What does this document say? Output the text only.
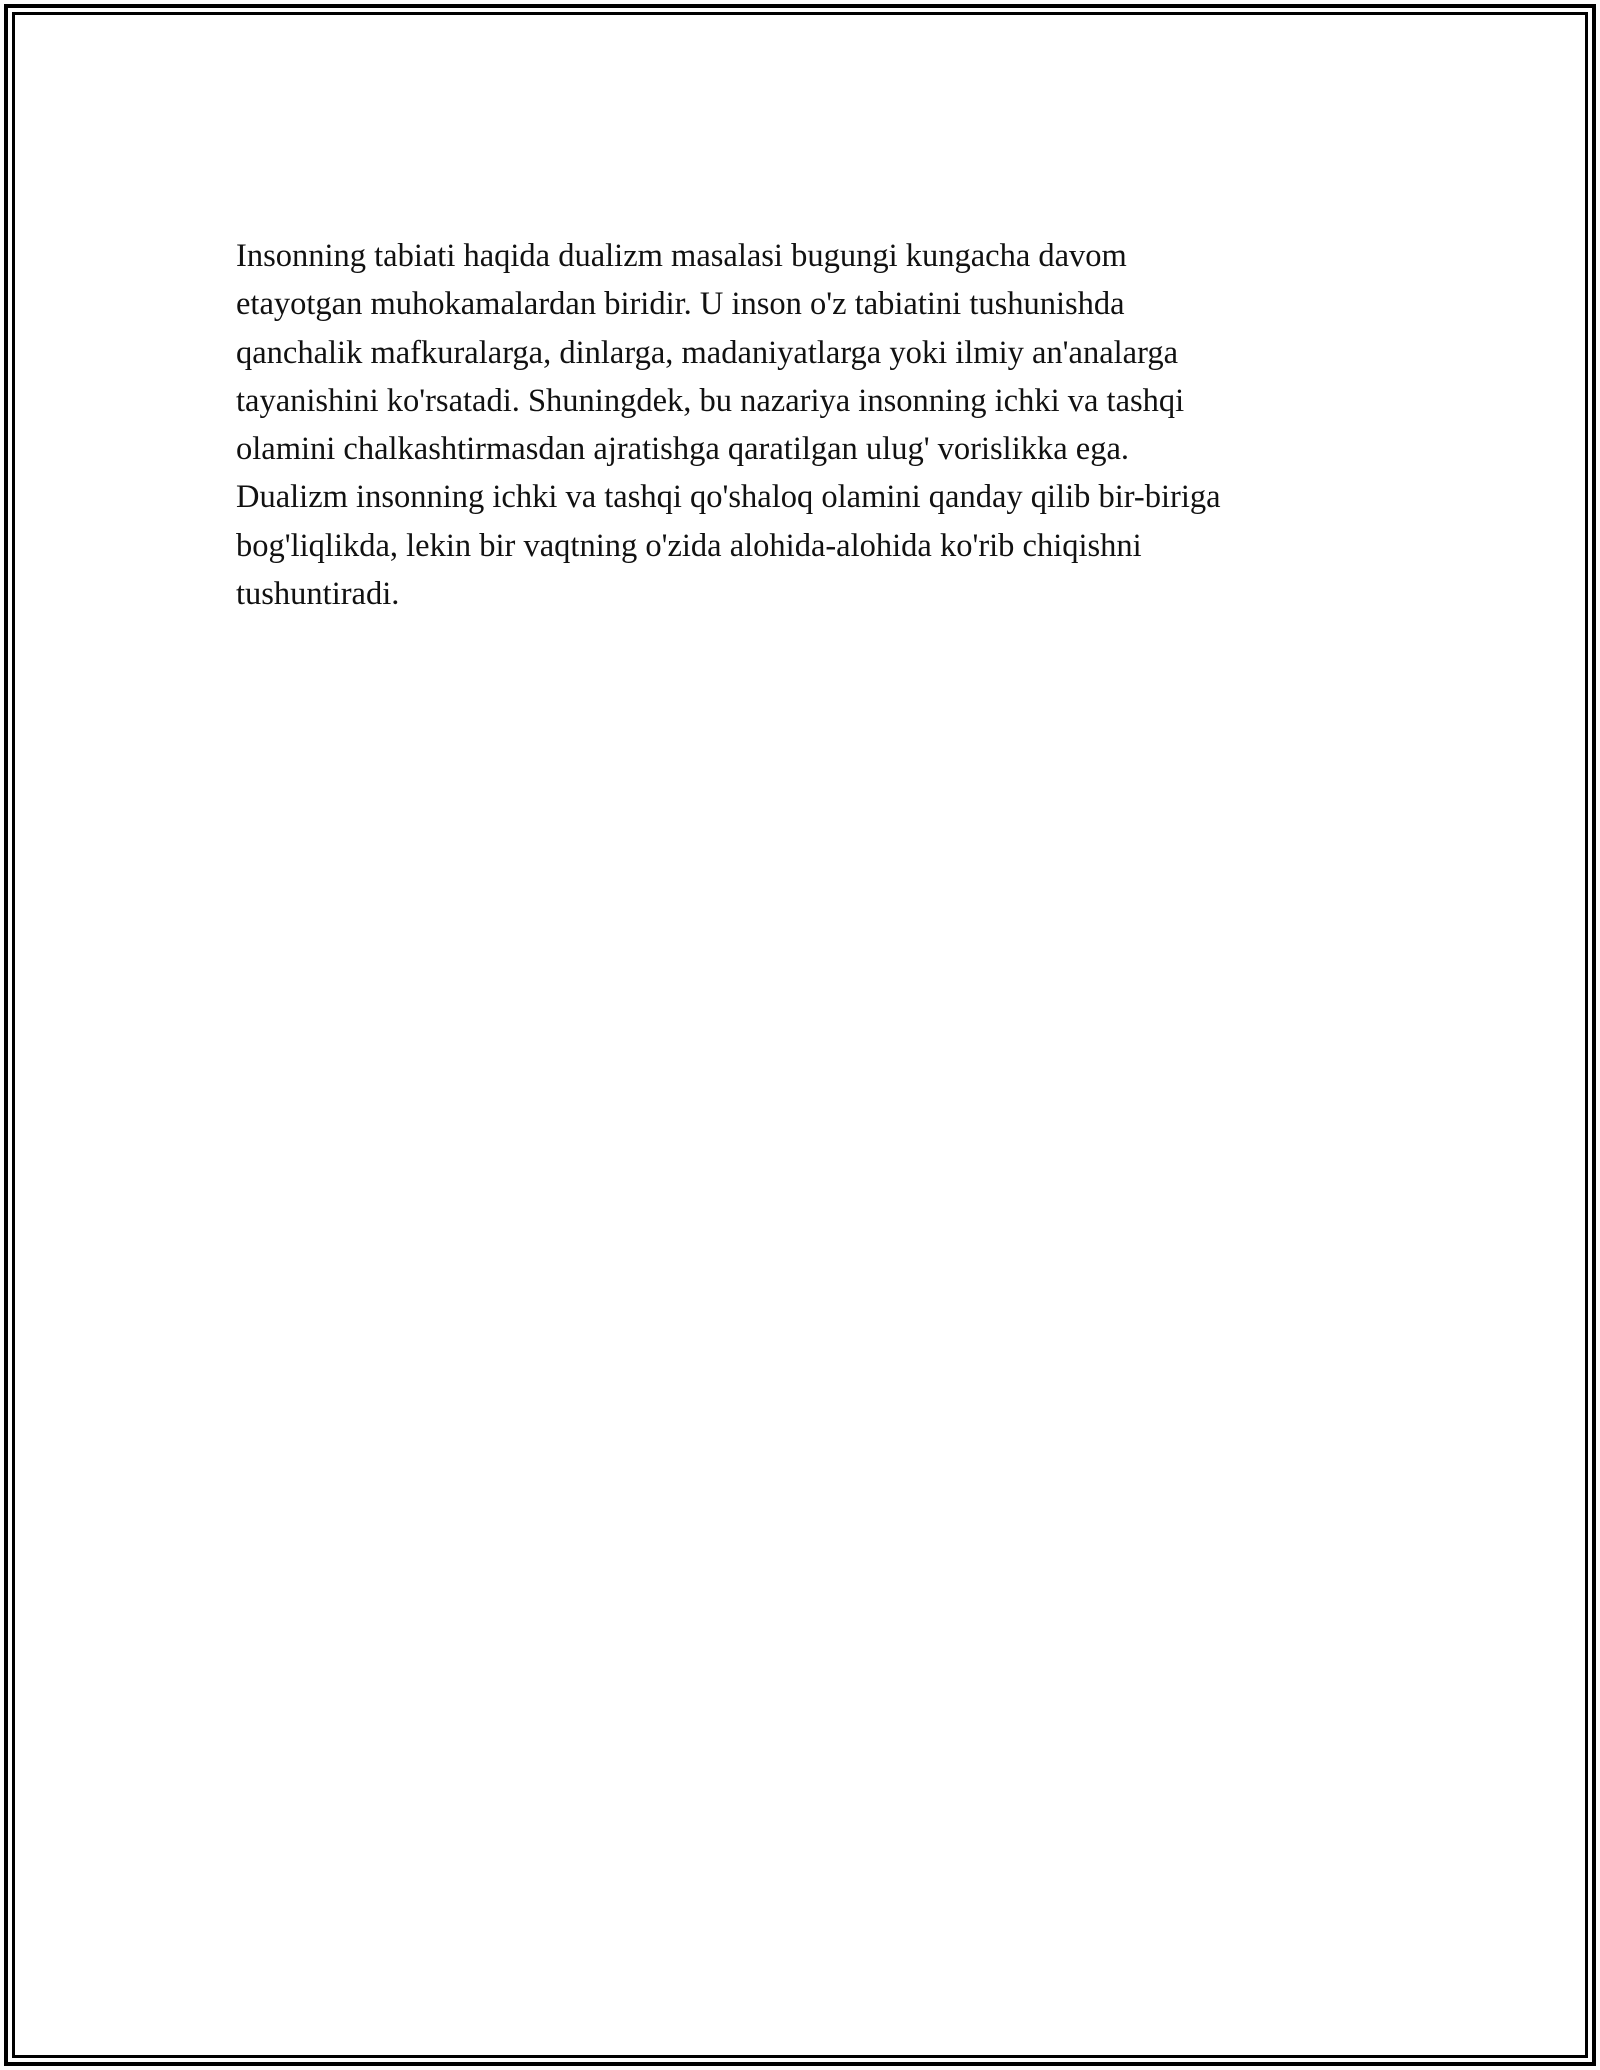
Insonning tabiati haqida dualizm masalasi bugungi kungacha davom
etayotgan muhokamalardan biridir. U inson o'z tabiatini tushunishda
qanchalik mafkuralarga, dinlarga, madaniyatlarga yoki ilmiy an'analarga
tayanishini ko'rsatadi. Shuningdek, bu nazariya insonning ichki va tashqi
olamini chalkashtirmasdan ajratishga qaratilgan ulug' vorislikka ega.
Dualizm insonning ichki va tashqi qo'shaloq olamini qanday qilib bir-biriga
bog'liqlikda, lekin bir vaqtning o'zida alohida-alohida ko'rib chiqishni
tushuntiradi.
